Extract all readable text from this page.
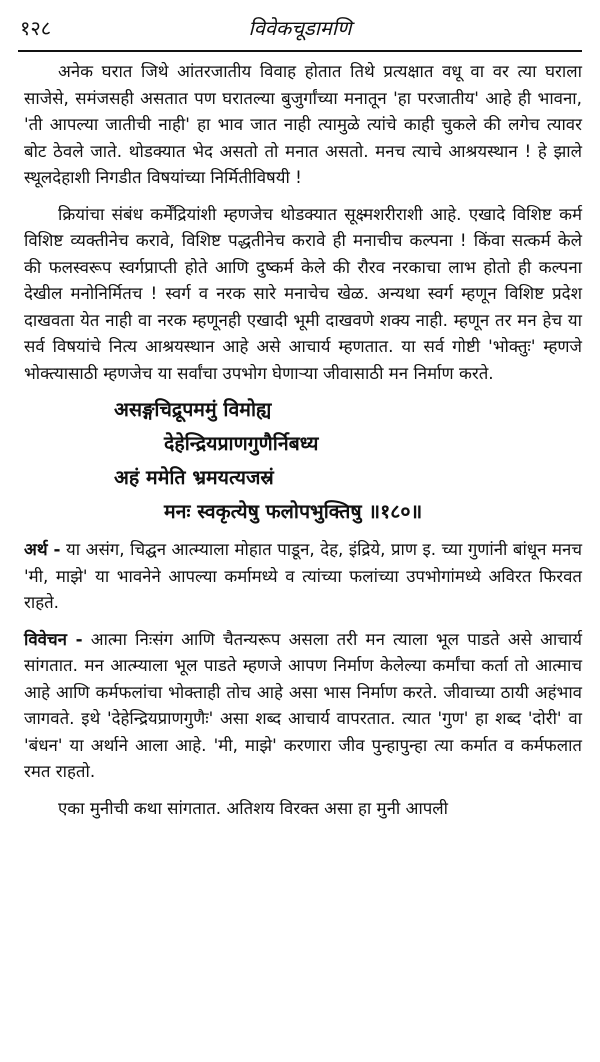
१२८	विवेकचूडामणि

अनेक घरात जिथे आंतरजातीय विवाह होतात तिथे प्रत्यक्षात वधू वा वर त्या घराला साजेसे, समंजसही असतात पण घरातल्या बुजुर्गांच्या मनातून 'हा परजातीय' आहे ही भावना, 'ती आपल्या जातीची नाही' हा भाव जात नाही त्यामुळे त्यांचे काही चुकले की लगेच त्यावर बोट ठेवले जाते. थोडक्यात भेद असतो तो मनात असतो. मनच त्याचे आश्रयस्थान ! हे झाले स्थूलदेहाशी निगडीत विषयांच्या निर्मितीविषयी !

क्रियांचा संबंध कर्मेंद्रियांशी म्हणजेच थोडक्यात सूक्ष्मशरीराशी आहे. एखादे विशिष्ट कर्म विशिष्ट व्यक्तीनेच करावे, विशिष्ट पद्धतीनेच करावे ही मनाचीच कल्पना ! किंवा सत्कर्म केले की फलस्वरूप स्वर्गप्राप्ती होते आणि दुष्कर्म केले की रौरव नरकाचा लाभ होतो ही कल्पना देखील मनोनिर्मितच ! स्वर्ग व नरक सारे मनाचेच खेळ. अन्यथा स्वर्ग म्हणून विशिष्ट प्रदेश दाखवता येत नाही वा नरक म्हणूनही एखादी भूमी दाखवणे शक्य नाही. म्हणून तर मन हेच या सर्व विषयांचे नित्य आश्रयस्थान आहे असे आचार्य म्हणतात. या सर्व गोष्टी 'भोक्तुः' म्हणजे भोक्त्यासाठी म्हणजेच या सर्वांचा उपभोग घेणाऱ्या जीवासाठी मन निर्माण करते.

असङ्गचिद्रूपममुं विमोह्य
देहेन्द्रियप्राणगुणैर्निबध्य
अहं ममेति भ्रमयत्यजस्रं
मनः स्वकृत्येषु फलोपभुक्तिषु ॥१८०॥

अर्थ - या असंग, चिद्घन आत्म्याला मोहात पाडून, देह, इंद्रिये, प्राण इ. च्या गुणांनी बांधून मनच 'मी, माझे' या भावनेने आपल्या कर्मामध्ये व त्यांच्या फलांच्या उपभोगांमध्ये अविरत फिरवत राहते.

विवेचन - आत्मा निःसंग आणि चैतन्यरूप असला तरी मन त्याला भूल पाडते असे आचार्य सांगतात. मन आत्म्याला भूल पाडते म्हणजे आपण निर्माण केलेल्या कर्मांचा कर्ता तो आत्माच आहे आणि कर्मफलांचा भोक्ताही तोच आहे असा भास निर्माण करते. जीवाच्या ठायी अहंभाव जागवते. इथे 'देहेन्द्रियप्राणगुणैः' असा शब्द आचार्य वापरतात. त्यात 'गुण' हा शब्द 'दोरी' वा 'बंधन' या अर्थाने आला आहे. 'मी, माझे' करणारा जीव पुन्हापुन्हा त्या कर्मात व कर्मफलात रमत राहतो.

एका मुनीची कथा सांगतात. अतिशय विरक्त असा हा मुनी आपली
